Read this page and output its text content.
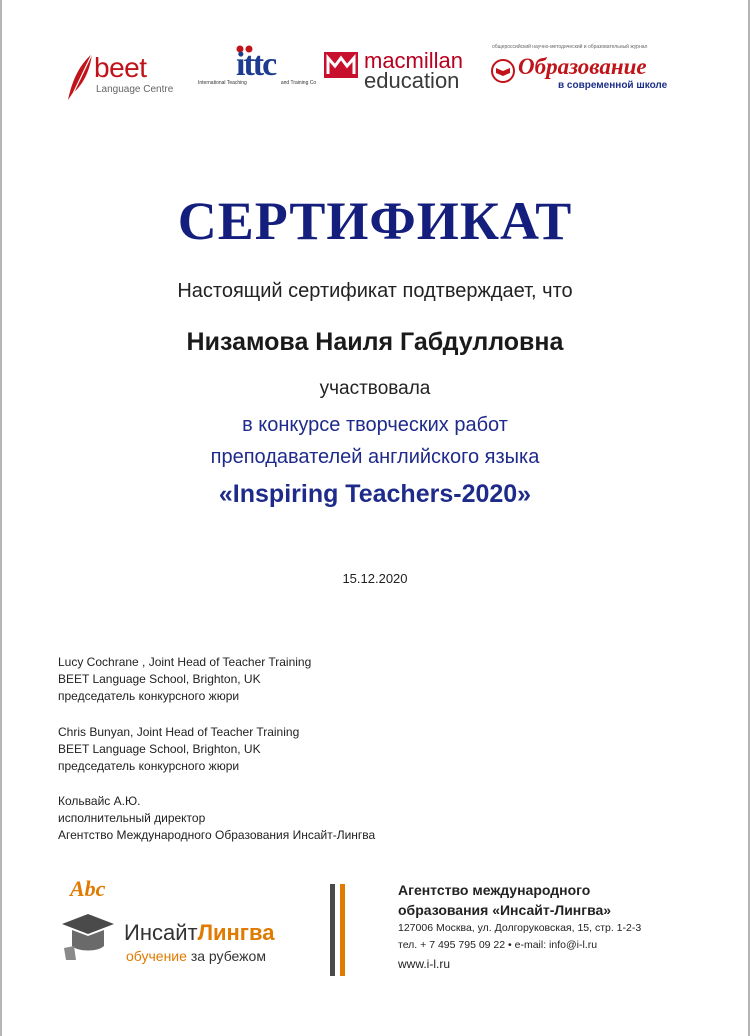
beet
Language Centre
ittc
International Teaching	and Training Co
macmillan
education
общероссийский научно-методический и образовательный журнал
Образование
в современной школе
СЕРТИФИКАТ
Настоящий сертификат подтверждает, что
Низамова Наиля Габдулловна
участвовала
в конкурсе творческих работ
преподавателей английского языка
«Inspiring Teachers-2020»
15.12.2020
Lucy Cochrane , Joint Head of Teacher Training
BEET Language School, Brighton, UK
председатель конкурсного жюри
Chris Bunyan, Joint Head of Teacher Training
BEET Language School, Brighton, UK
председатель конкурсного жюри
Кольвайс А.Ю.
исполнительный директор
Агентство Международного Образования Инсайт-Лингва
Abc
ИнсайтЛингва
обучение за рубежом
Агентство международного
образования «Инсайт-Лингва»
127006 Москва, ул. Долгоруковская, 15, стр. 1-2-3
тел. + 7 495 795 09 22 • e-mail: info@i-l.ru
www.i-l.ru
